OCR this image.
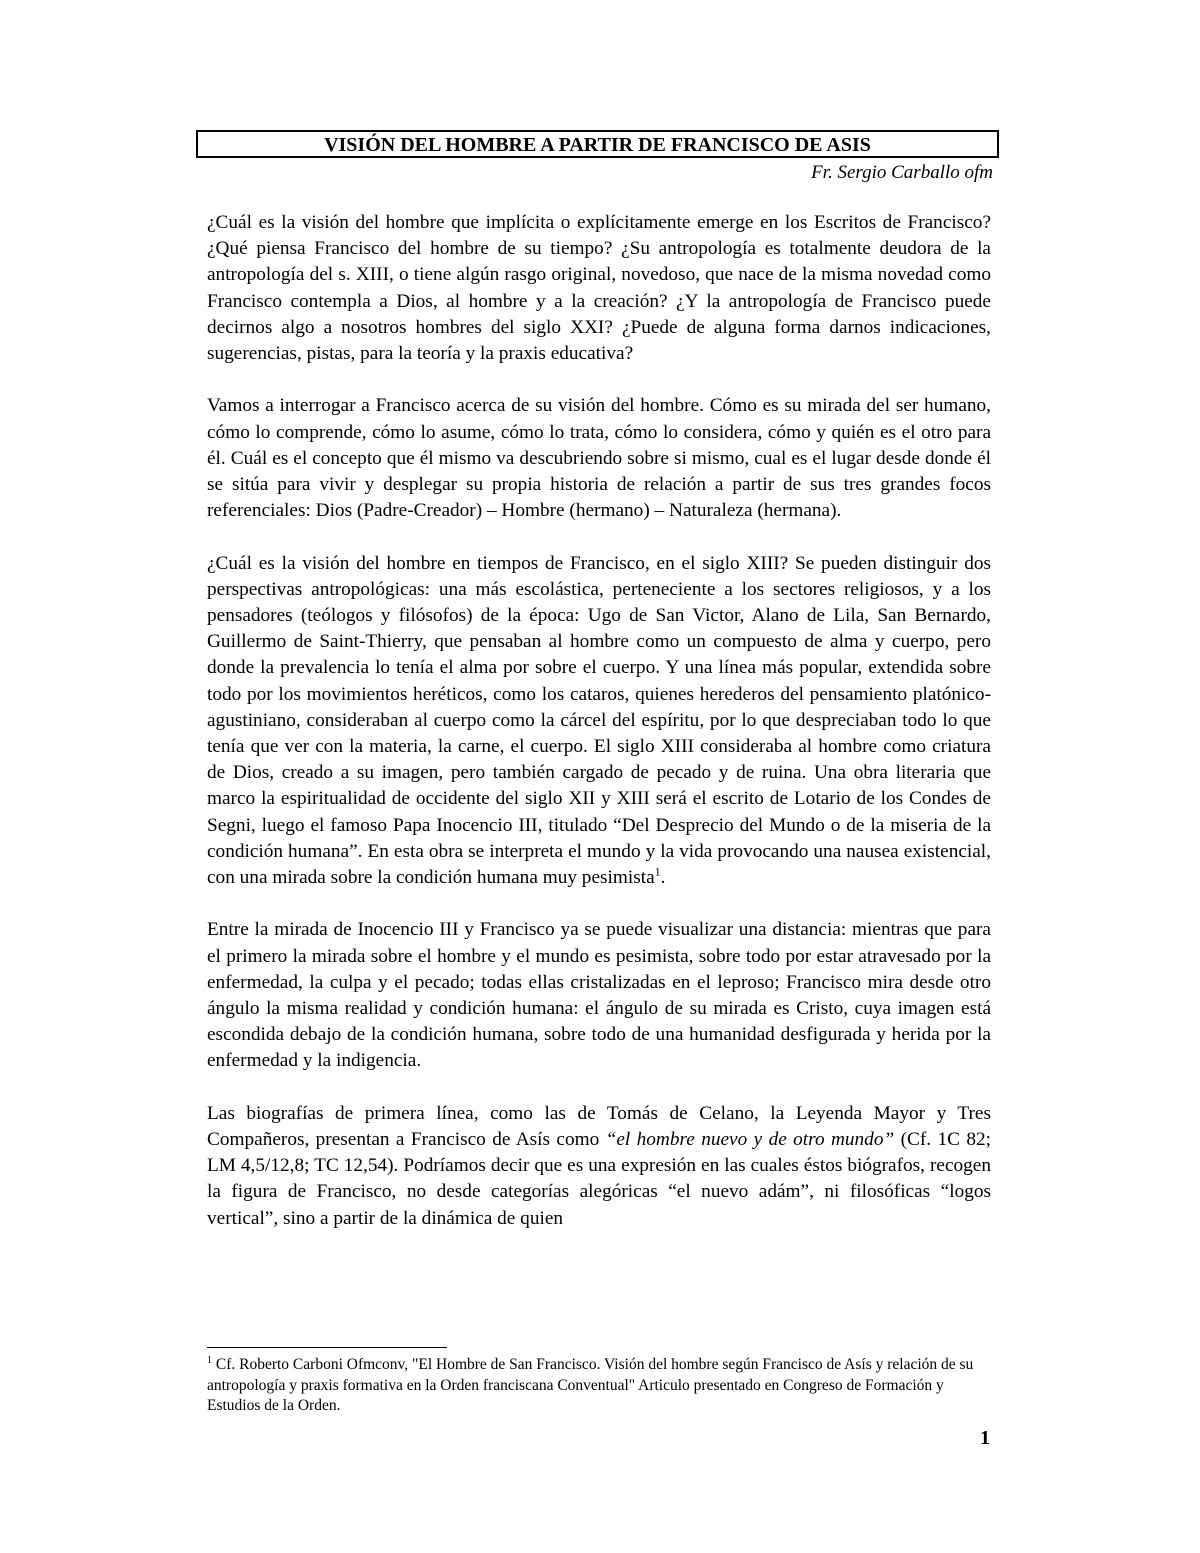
VISIÓN DEL HOMBRE A PARTIR DE FRANCISCO DE ASIS
Fr. Sergio Carballo ofm

¿Cuál es la visión del hombre que implícita o explícitamente emerge en los Escritos de Francisco? ¿Qué piensa Francisco del hombre de su tiempo? ¿Su antropología es totalmente deudora de la antropología del s. XIII, o tiene algún rasgo original, novedoso, que nace de la misma novedad como Francisco contempla a Dios, al hombre y a la creación? ¿Y la antropología de Francisco puede decirnos algo a nosotros hombres del siglo XXI? ¿Puede de alguna forma darnos indicaciones, sugerencias, pistas, para la teoría y la praxis educativa?

Vamos a interrogar a Francisco acerca de su visión del hombre. Cómo es su mirada del ser humano, cómo lo comprende, cómo lo asume, cómo lo trata, cómo lo considera, cómo y quién es el otro para él. Cuál es el concepto que él mismo va descubriendo sobre si mismo, cual es el lugar desde donde él se sitúa para vivir y desplegar su propia historia de relación a partir de sus tres grandes focos referenciales: Dios (Padre-Creador) – Hombre (hermano) – Naturaleza (hermana).

¿Cuál es la visión del hombre en tiempos de Francisco, en el siglo XIII? Se pueden distinguir dos perspectivas antropológicas: una más escolástica, perteneciente a los sectores religiosos, y a los pensadores (teólogos y filósofos) de la época: Ugo de San Victor, Alano de Lila, San Bernardo, Guillermo de Saint-Thierry, que pensaban al hombre como un compuesto de alma y cuerpo, pero donde la prevalencia lo tenía el alma por sobre el cuerpo. Y una línea más popular, extendida sobre todo por los movimientos heréticos, como los cataros, quienes herederos del pensamiento platónico-agustiniano, consideraban al cuerpo como la cárcel del espíritu, por lo que despreciaban todo lo que tenía que ver con la materia, la carne, el cuerpo. El siglo XIII consideraba al hombre como criatura de Dios, creado a su imagen, pero también cargado de pecado y de ruina. Una obra literaria que marco la espiritualidad de occidente del siglo XII y XIII será el escrito de Lotario de los Condes de Segni, luego el famoso Papa Inocencio III, titulado “Del Desprecio del Mundo o de la miseria de la condición humana”. En esta obra se interpreta el mundo y la vida provocando una nausea existencial, con una mirada sobre la condición humana muy pesimista$^1$.

Entre la mirada de Inocencio III y Francisco ya se puede visualizar una distancia: mientras que para el primero la mirada sobre el hombre y el mundo es pesimista, sobre todo por estar atravesado por la enfermedad, la culpa y el pecado; todas ellas cristalizadas en el leproso; Francisco mira desde otro ángulo la misma realidad y condición humana: el ángulo de su mirada es Cristo, cuya imagen está escondida debajo de la condición humana, sobre todo de una humanidad desfigurada y herida por la enfermedad y la indigencia.

Las biografías de primera línea, como las de Tomás de Celano, la Leyenda Mayor y Tres Compañeros, presentan a Francisco de Asís como “el hombre nuevo y de otro mundo” (Cf. 1C 82; LM 4,5/12,8; TC 12,54). Podríamos decir que es una expresión en las cuales éstos biógrafos, recogen la figura de Francisco, no desde categorías alegóricas “el nuevo adám”, ni filosóficas “logos vertical”, sino a partir de la dinámica de quien

$^1$ Cf. Roberto Carboni Ofmconv, "El Hombre de San Francisco. Visión del hombre según Francisco de Asís y relación de su antropología y praxis formativa en la Orden franciscana Conventual" Articulo presentado en Congreso de Formación y Estudios de la Orden.
1
